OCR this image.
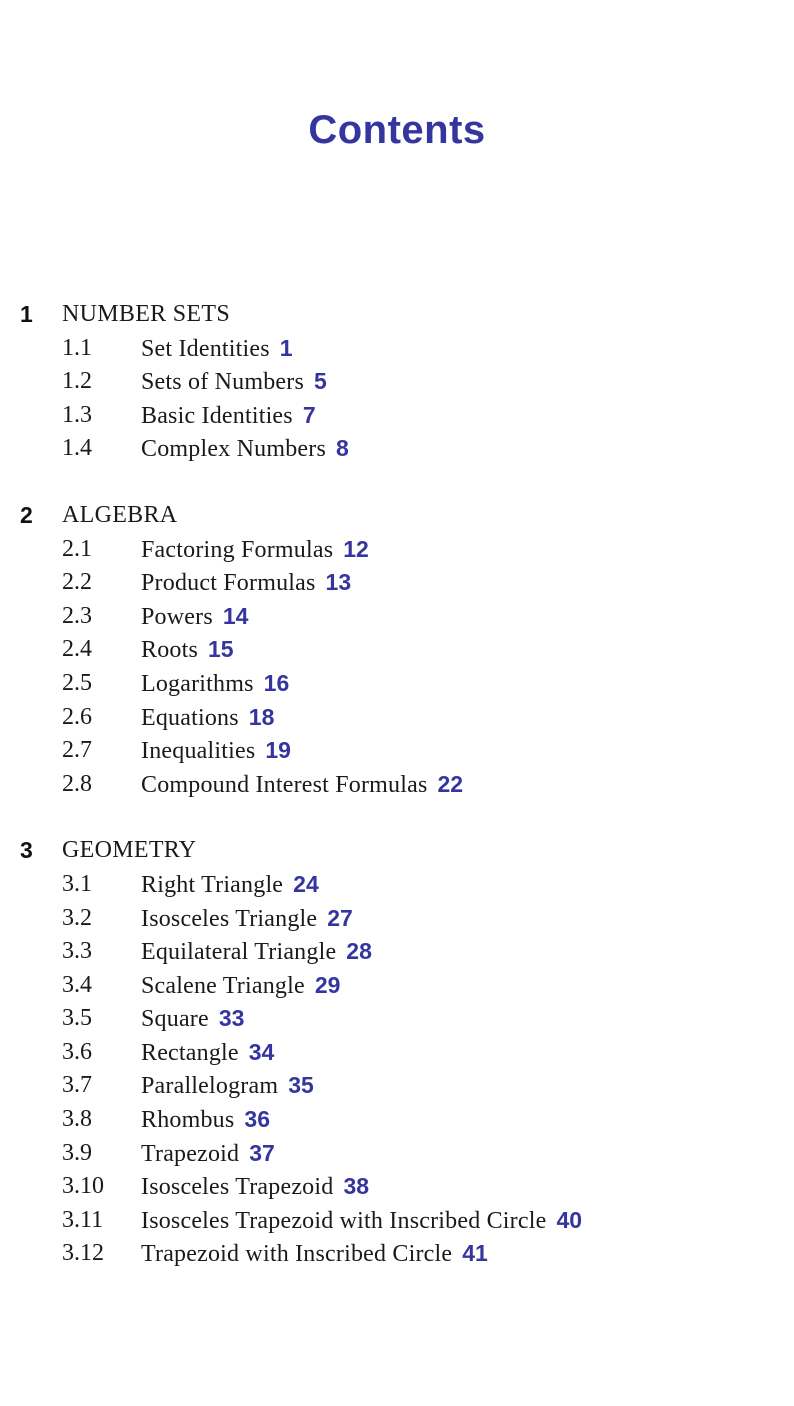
Contents
1 NUMBER SETS
1.1 Set Identities 1
1.2 Sets of Numbers 5
1.3 Basic Identities 7
1.4 Complex Numbers 8
2 ALGEBRA
2.1 Factoring Formulas 12
2.2 Product Formulas 13
2.3 Powers 14
2.4 Roots 15
2.5 Logarithms 16
2.6 Equations 18
2.7 Inequalities 19
2.8 Compound Interest Formulas 22
3 GEOMETRY
3.1 Right Triangle 24
3.2 Isosceles Triangle 27
3.3 Equilateral Triangle 28
3.4 Scalene Triangle 29
3.5 Square 33
3.6 Rectangle 34
3.7 Parallelogram 35
3.8 Rhombus 36
3.9 Trapezoid 37
3.10 Isosceles Trapezoid 38
3.11 Isosceles Trapezoid with Inscribed Circle 40
3.12 Trapezoid with Inscribed Circle 41
